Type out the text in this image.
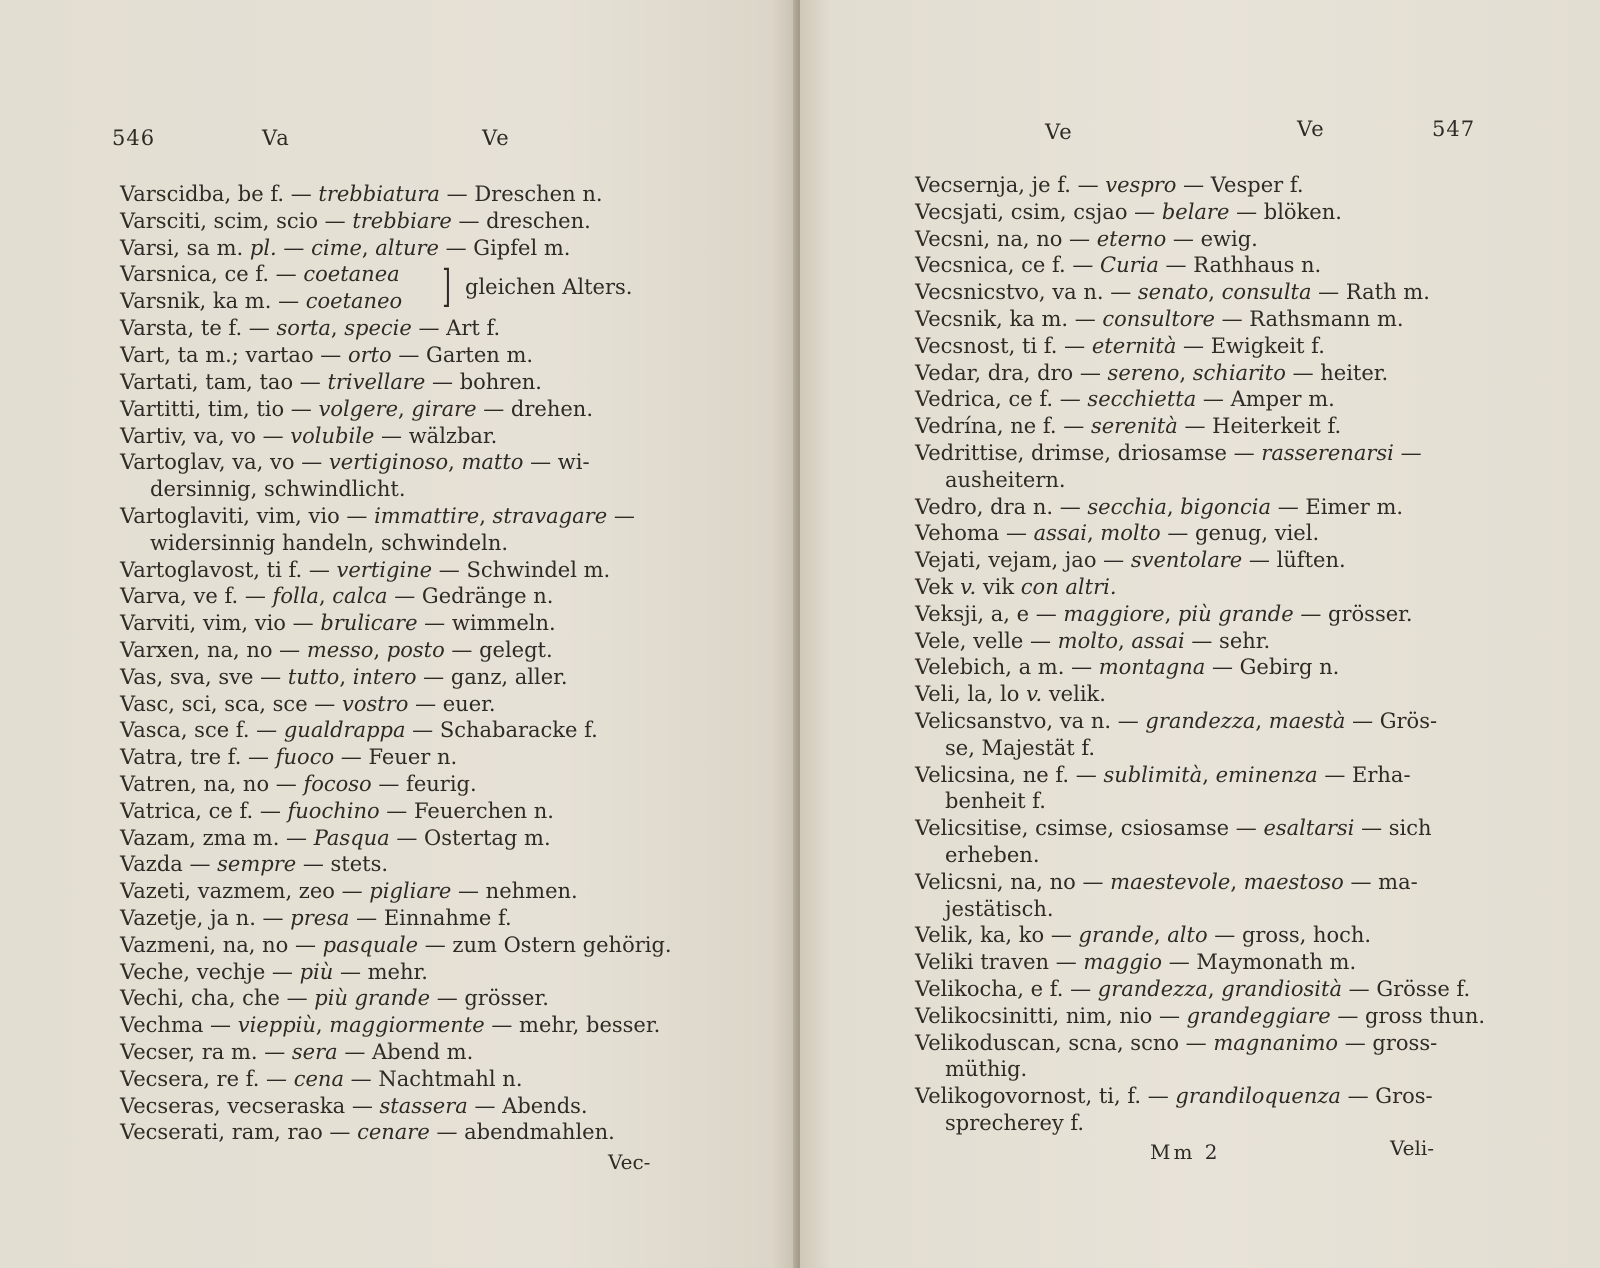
546	Va	Ve
Varscidba, be f. — trebbiatura — Dreschen n.
Varsciti, scim, scio — trebbiare — dreschen.
Varsi, sa m. pl. — cime, alture — Gipfel m.
Varsnica, ce f. — coetanea
Varsnik, ka m. — coetaneo ] gleichen Alters.
Varsta, te f. — sorta, specie — Art f.
Vart, ta m.; vartao — orto — Garten m.
Vartati, tam, tao — trivellare — bohren.
Vartitti, tim, tio — volgere, girare — drehen.
Vartiv, va, vo — volubile — wälzbar.
Vartoglav, va, vo — vertiginoso, matto — wi-
dersinnig, schwindlicht.
Vartoglaviti, vim, vio — immattire, stravagare —
widersinnig handeln, schwindeln.
Vartoglavost, ti f. — vertigine — Schwindel m.
Varva, ve f. — folla, calca — Gedränge n.
Varviti, vim, vio — brulicare — wimmeln.
Varxen, na, no — messo, posto — gelegt.
Vas, sva, sve — tutto, intero — ganz, aller.
Vasc, sci, sca, sce — vostro — euer.
Vasca, sce f. — gualdrappa — Schabaracke f.
Vatra, tre f. — fuoco — Feuer n.
Vatren, na, no — focoso — feurig.
Vatrica, ce f. — fuochino — Feuerchen n.
Vazam, zma m. — Pasqua — Ostertag m.
Vazda — sempre — stets.
Vazeti, vazmem, zeo — pigliare — nehmen.
Vazetje, ja n. — presa — Einnahme f.
Vazmeni, na, no — pasquale — zum Ostern gehörig.
Veche, vechje — più — mehr.
Vechi, cha, che — più grande — grösser.
Vechma — vieppiù, maggiormente — mehr, besser.
Vecser, ra m. — sera — Abend m.
Vecsera, re f. — cena — Nachtmahl n.
Vecseras, vecseraska — stassera — Abends.
Vecserati, ram, rao — cenare — abendmahlen.
Vec-
Ve	Ve	547
Vecsernja, je f. — vespro — Vesper f.
Vecsjati, csim, csjao — belare — blöken.
Vecsni, na, no — eterno — ewig.
Vecsnica, ce f. — Curia — Rathhaus n.
Vecsnicstvo, va n. — senato, consulta — Rath m.
Vecsnik, ka m. — consultore — Rathsmann m.
Vecsnost, ti f. — eternità — Ewigkeit f.
Vedar, dra, dro — sereno, schiarito — heiter.
Vedrica, ce f. — secchietta — Amper m.
Vedrína, ne f. — serenità — Heiterkeit f.
Vedrittise, drimse, driosamse — rasserenarsi —
ausheitern.
Vedro, dra n. — secchia, bigoncia — Eimer m.
Vehoma — assai, molto — genug, viel.
Vejati, vejam, jao — sventolare — lüften.
Vek v. vik con altri.
Veksji, a, e — maggiore, più grande — grösser.
Vele, velle — molto, assai — sehr.
Velebich, a m. — montagna — Gebirg n.
Veli, la, lo v. velik.
Velicsanstvo, va n. — grandezza, maestà — Grös-
se, Majestät f.
Velicsina, ne f. — sublimità, eminenza — Erha-
benheit f.
Velicsitise, csimse, csiosamse — esaltarsi — sich
erheben.
Velicsni, na, no — maestevole, maestoso — ma-
jestätisch.
Velik, ka, ko — grande, alto — gross, hoch.
Veliki traven — maggio — Maymonath m.
Velikocha, e f. — grandezza, grandiosità — Grösse f.
Velikocsinitti, nim, nio — grandeggiare — gross thun.
Velikoduscan, scna, scno — magnanimo — gross-
müthig.
Velikogovornost, ti, f. — grandiloquenza — Gros-
sprecherey f.
Mm 2	Veli-
